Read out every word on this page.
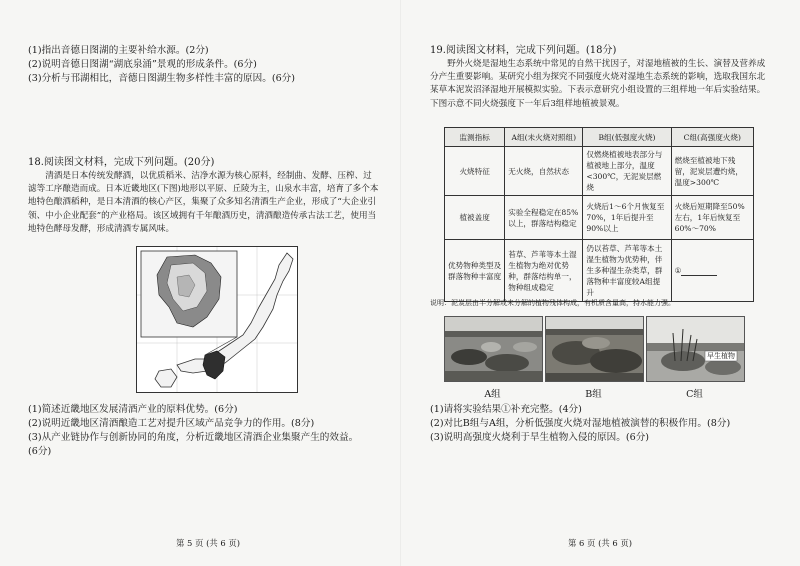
(1)指出音德日图湖的主要补给水源。(2分)
(2)说明音德日图湖“湖底泉涌”景观的形成条件。(6分)
(3)分析与邗湖相比，音德日图湖生物多样性丰富的原因。(6分)
18.阅读图文材料，完成下列问题。(20分)
清酒是日本传统发酵酒，以优质稻米、洁净水源为核心原料，经制曲、发酵、压榨、过滤等工序酿造而成。日本近畿地区(下图)地形以平原、丘陵为主，山泉水丰富，培育了多个本地特色酿酒稻种，是日本清酒的核心产区，集聚了众多知名清酒生产企业，形成了“大企业引领、中小企业配套”的产业格局。该区域拥有千年酿酒历史，清酒酿造传承古法工艺，使用当地特色酵母发酵，形成清酒专属风味。
(1)简述近畿地区发展清酒产业的原料优势。(6分)
(2)说明近畿地区清酒酿造工艺对提升区域产品竞争力的作用。(8分)
(3)从产业链协作与创新协同的角度，分析近畿地区清酒企业集聚产生的效益。
(6分)
第 5 页 (共 6 页)
19.阅读图文材料，完成下列问题。(18分)
野外火烧是湿地生态系统中常见的自然干扰因子，对湿地植被的生长、演替及营养成分产生重要影响。某研究小组为探究不同强度火烧对湿地生态系统的影响，选取我国东北某草本泥炭沼泽湿地开展模拟实验。下表示意研究小组设置的三组样地一年后实验结果。下图示意不同火烧强度下一年后3组样地植被景观。
监测指标	A组(未火烧对照组)	B组(低强度火烧)	C组(高强度火烧)
火烧特征	无火烧，自然状态	仅燃烧植被地表部分与植被地上部分，温度<300℃，无泥炭层燃烧	燃烧至植被地下残留，泥炭层遭灼烧，温度>300℃
植被盖度	实验全程稳定在85%以上，群落结构稳定	火烧后1～6个月恢复至70%，1年后提升至90%以上	火烧后短期降至50%左右，1年后恢复至60%～70%
优势物种类型及群落物种丰富度	苔草、芦苇等本土湿生植物为绝对优势种，群落结构单一，物种组成稳定	仍以苔草、芦苇等本土湿生植物为优势种，伴生多种湿生杂类草，群落物种丰富度较A组提升	①
说明：泥炭层由半分解或未分解的植物残体构成，有机质含量高，持水能力强。
早生植物
A组	B组	C组
(1)请将实验结果①补充完整。(4分)
(2)对比B组与A组，分析低强度火烧对湿地植被演替的积极作用。(8分)
(3)说明高强度火烧利于旱生植物入侵的原因。(6分)
第 6 页 (共 6 页)
